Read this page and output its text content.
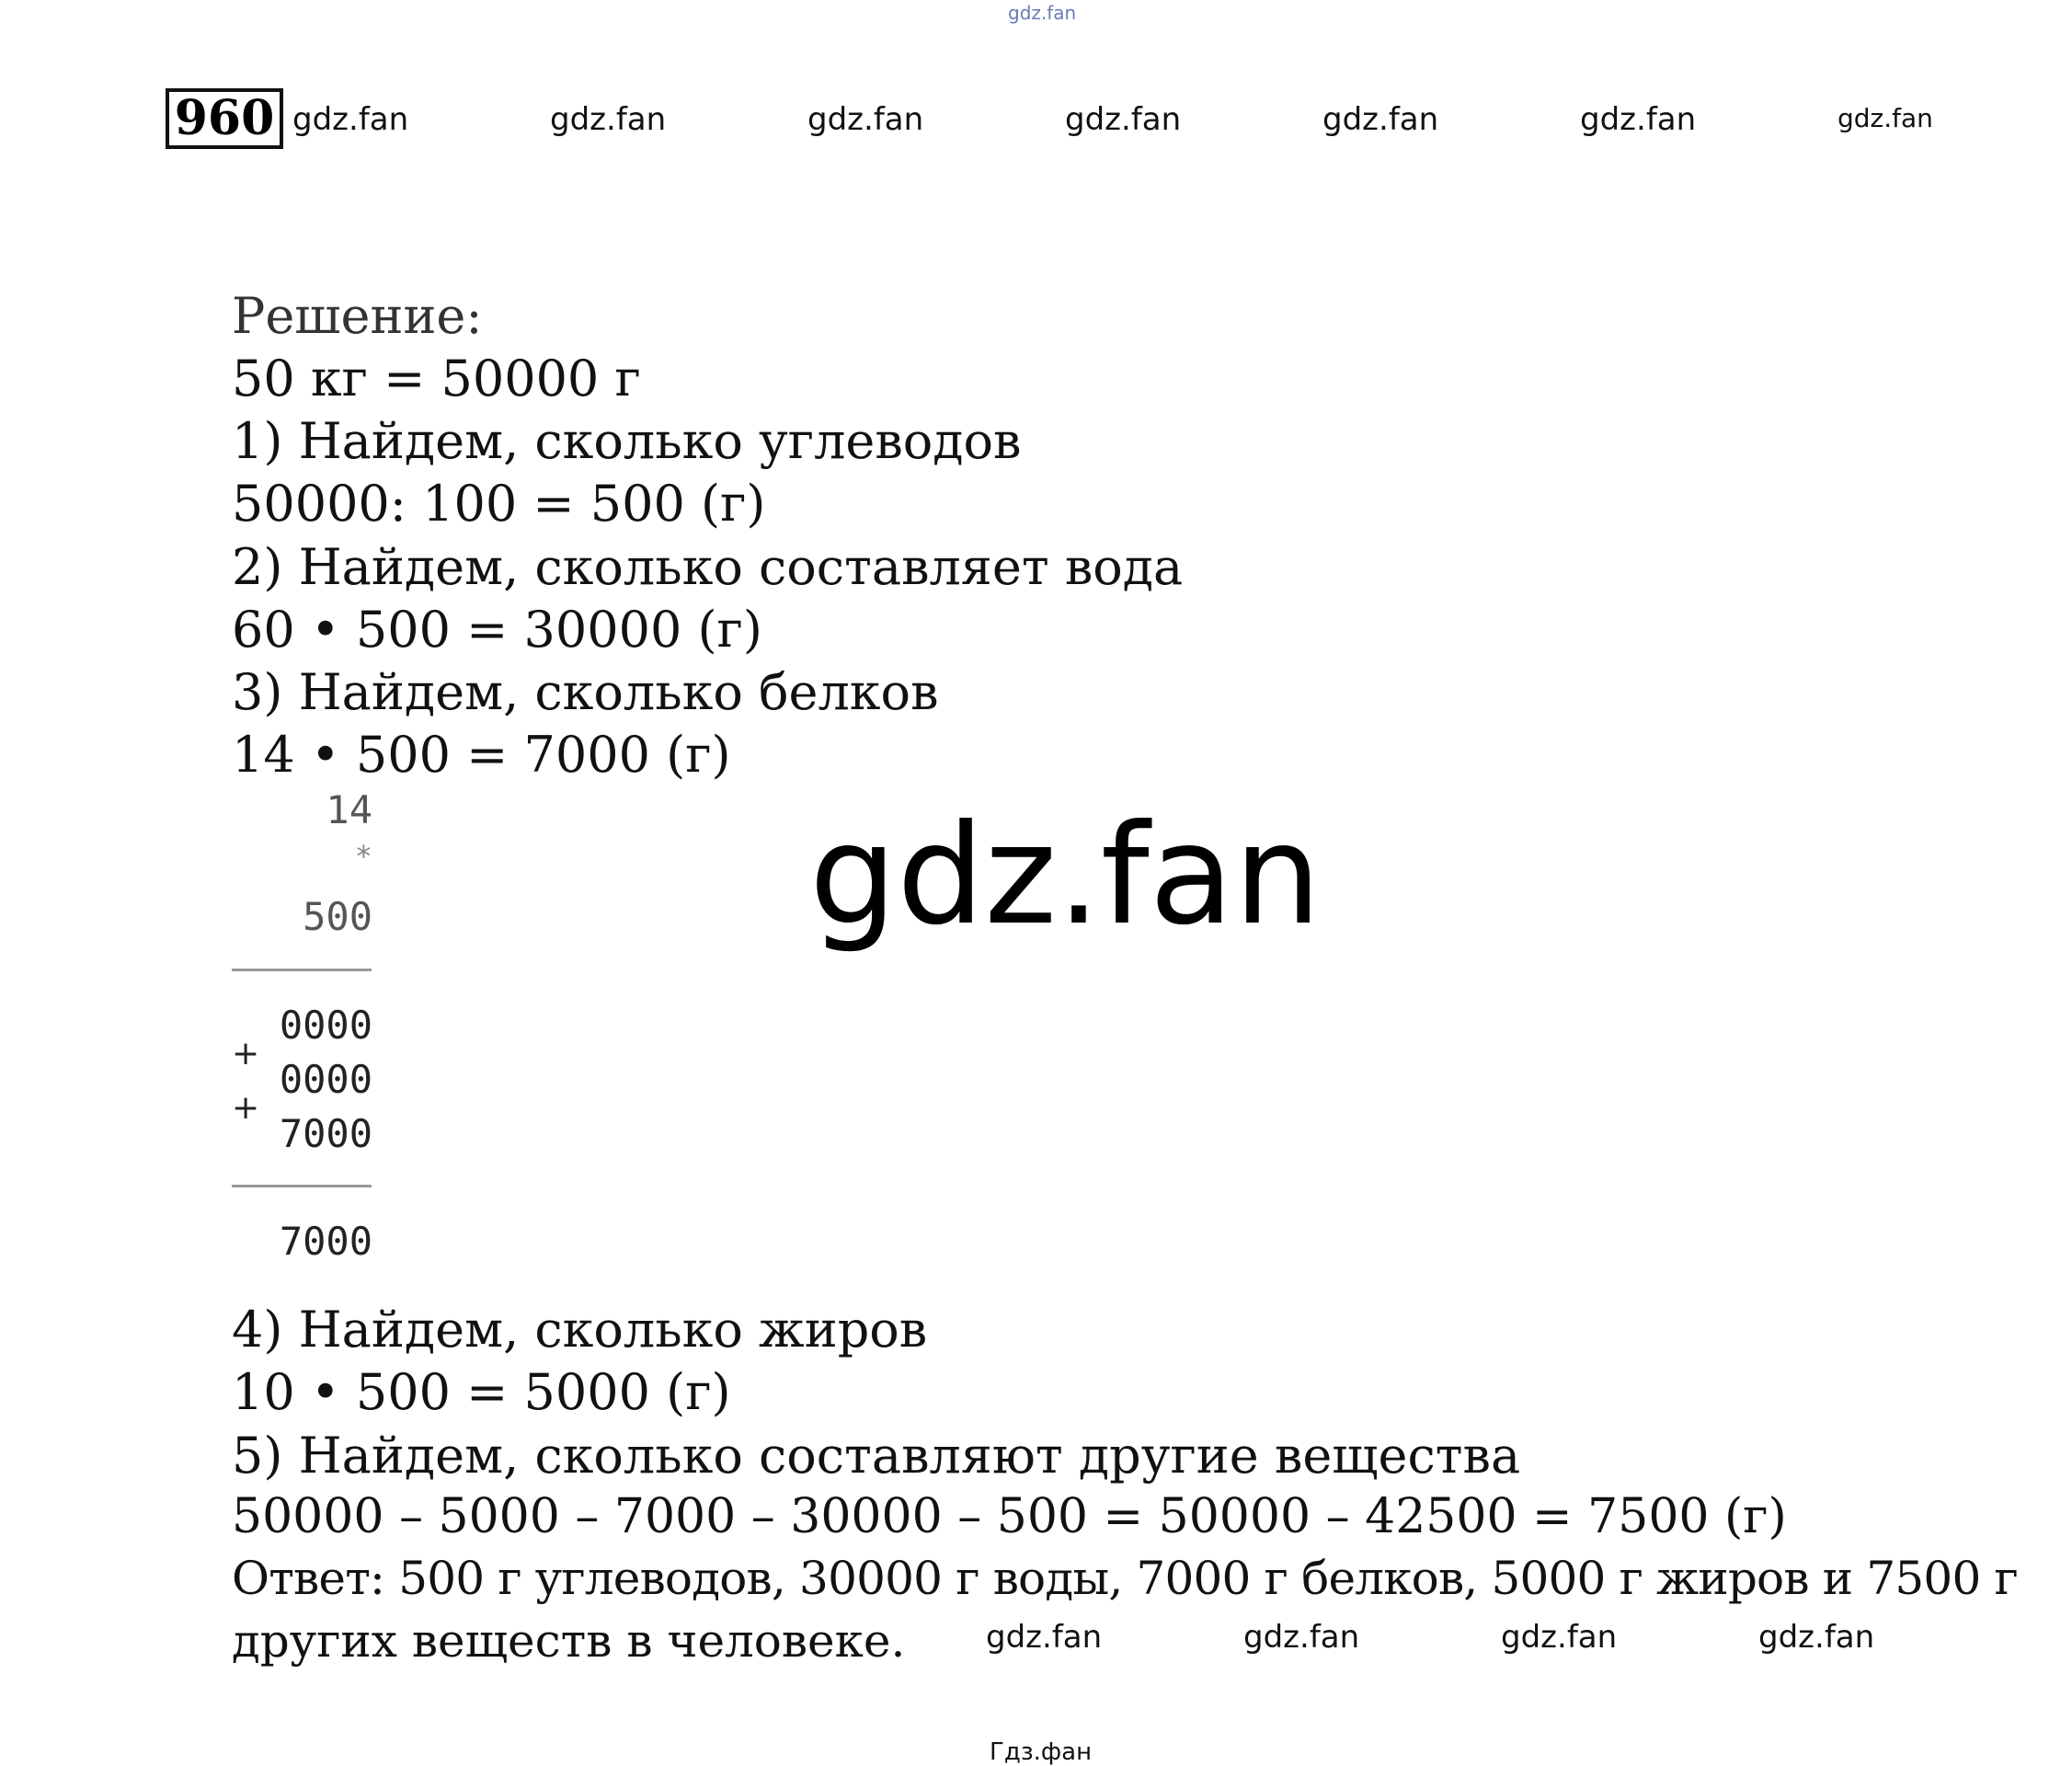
gdz.fan
960 gdz.fan	gdz.fan	gdz.fan	gdz.fan	gdz.fan	gdz.fan	gdz.fan
Решение:
50 кг = 50000 г
1) Найдем, сколько углеводов
50000: 100 = 500 (г)
2) Найдем, сколько составляет вода
60 • 500 = 30000 (г)
3) Найдем, сколько белков
14 • 500 = 7000 (г)
14
*
500
0000
+
0000
+
7000
7000
gdz.fan
4) Найдем, сколько жиров
10 • 500 = 5000 (г)
5) Найдем, сколько составляют другие вещества
50000 – 5000 – 7000 – 30000 – 500 = 50000 – 42500 = 7500 (г)
Ответ: 500 г углеводов, 30000 г воды, 7000 г белков, 5000 г жиров и 7500 г
других веществ в человеке.	gdz.fan	gdz.fan	gdz.fan	gdz.fan
Гдз.фан
